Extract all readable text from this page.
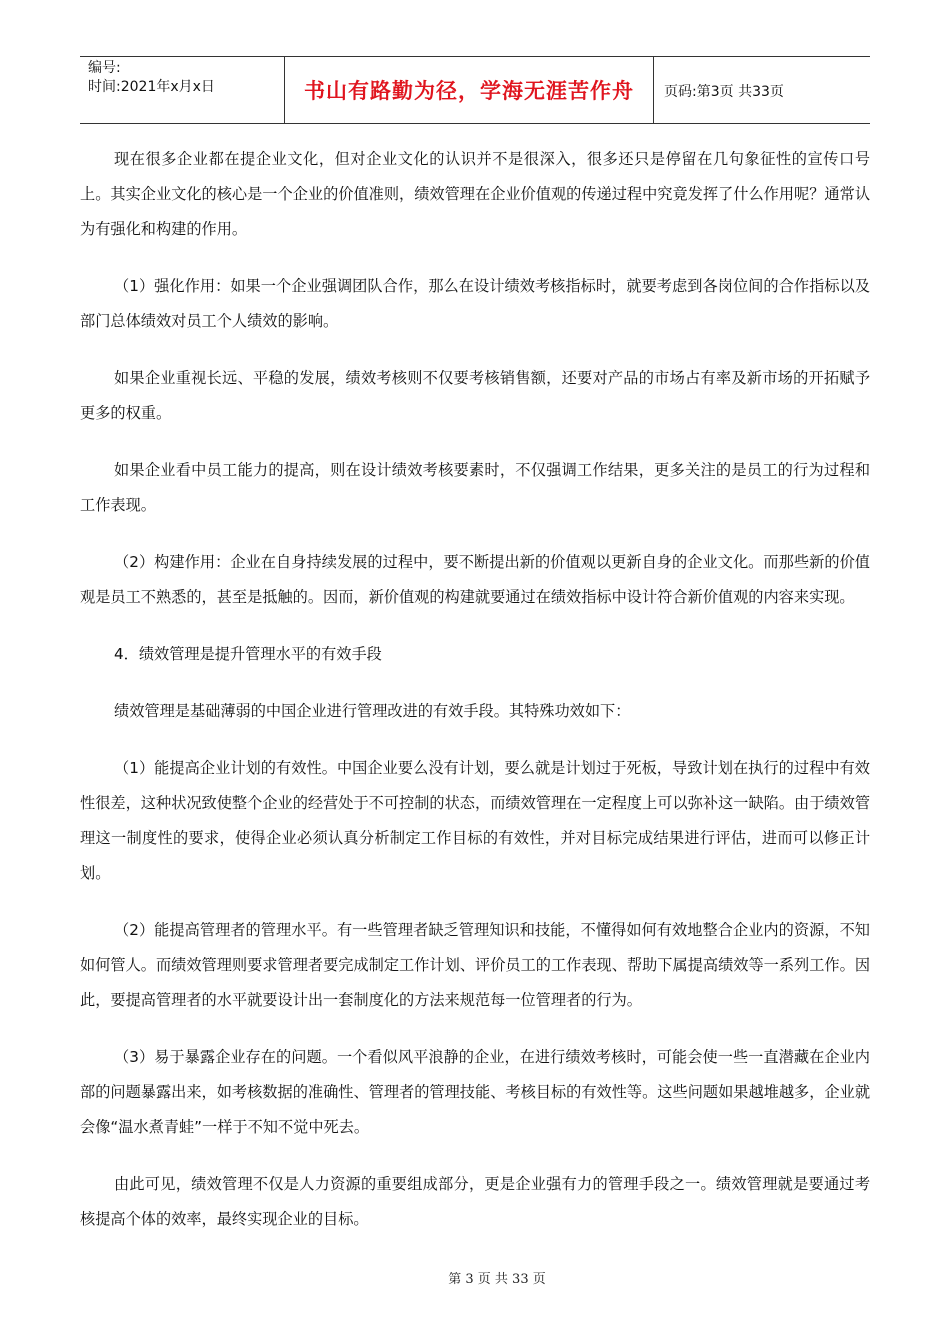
编号:
时间:2021年x月x日	书山有路勤为径，学海无涯苦作舟	页码:第3页 共33页

现在很多企业都在提企业文化，但对企业文化的认识并不是很深入，很多还只是停留在几句象征性的宣传口号上。其实企业文化的核心是一个企业的价值准则，绩效管理在企业价值观的传递过程中究竟发挥了什么作用呢？通常认为有强化和构建的作用。

（1）强化作用：如果一个企业强调团队合作，那么在设计绩效考核指标时，就要考虑到各岗位间的合作指标以及部门总体绩效对员工个人绩效的影响。

如果企业重视长远、平稳的发展，绩效考核则不仅要考核销售额，还要对产品的市场占有率及新市场的开拓赋予更多的权重。

如果企业看中员工能力的提高，则在设计绩效考核要素时，不仅强调工作结果，更多关注的是员工的行为过程和工作表现。

（2）构建作用：企业在自身持续发展的过程中，要不断提出新的价值观以更新自身的企业文化。而那些新的价值观是员工不熟悉的，甚至是抵触的。因而，新价值观的构建就要通过在绩效指标中设计符合新价值观的内容来实现。

4．绩效管理是提升管理水平的有效手段

绩效管理是基础薄弱的中国企业进行管理改进的有效手段。其特殊功效如下：

（1）能提高企业计划的有效性。中国企业要么没有计划，要么就是计划过于死板，导致计划在执行的过程中有效性很差，这种状况致使整个企业的经营处于不可控制的状态，而绩效管理在一定程度上可以弥补这一缺陷。由于绩效管理这一制度性的要求，使得企业必须认真分析制定工作目标的有效性，并对目标完成结果进行评估，进而可以修正计划。

（2）能提高管理者的管理水平。有一些管理者缺乏管理知识和技能，不懂得如何有效地整合企业内的资源，不知如何管人。而绩效管理则要求管理者要完成制定工作计划、评价员工的工作表现、帮助下属提高绩效等一系列工作。因此，要提高管理者的水平就要设计出一套制度化的方法来规范每一位管理者的行为。

（3）易于暴露企业存在的问题。一个看似风平浪静的企业，在进行绩效考核时，可能会使一些一直潜藏在企业内部的问题暴露出来，如考核数据的准确性、管理者的管理技能、考核目标的有效性等。这些问题如果越堆越多，企业就会像“温水煮青蛙”一样于不知不觉中死去。

由此可见，绩效管理不仅是人力资源的重要组成部分，更是企业强有力的管理手段之一。绩效管理就是要通过考核提高个体的效率，最终实现企业的目标。

第 3 页 共 33 页
